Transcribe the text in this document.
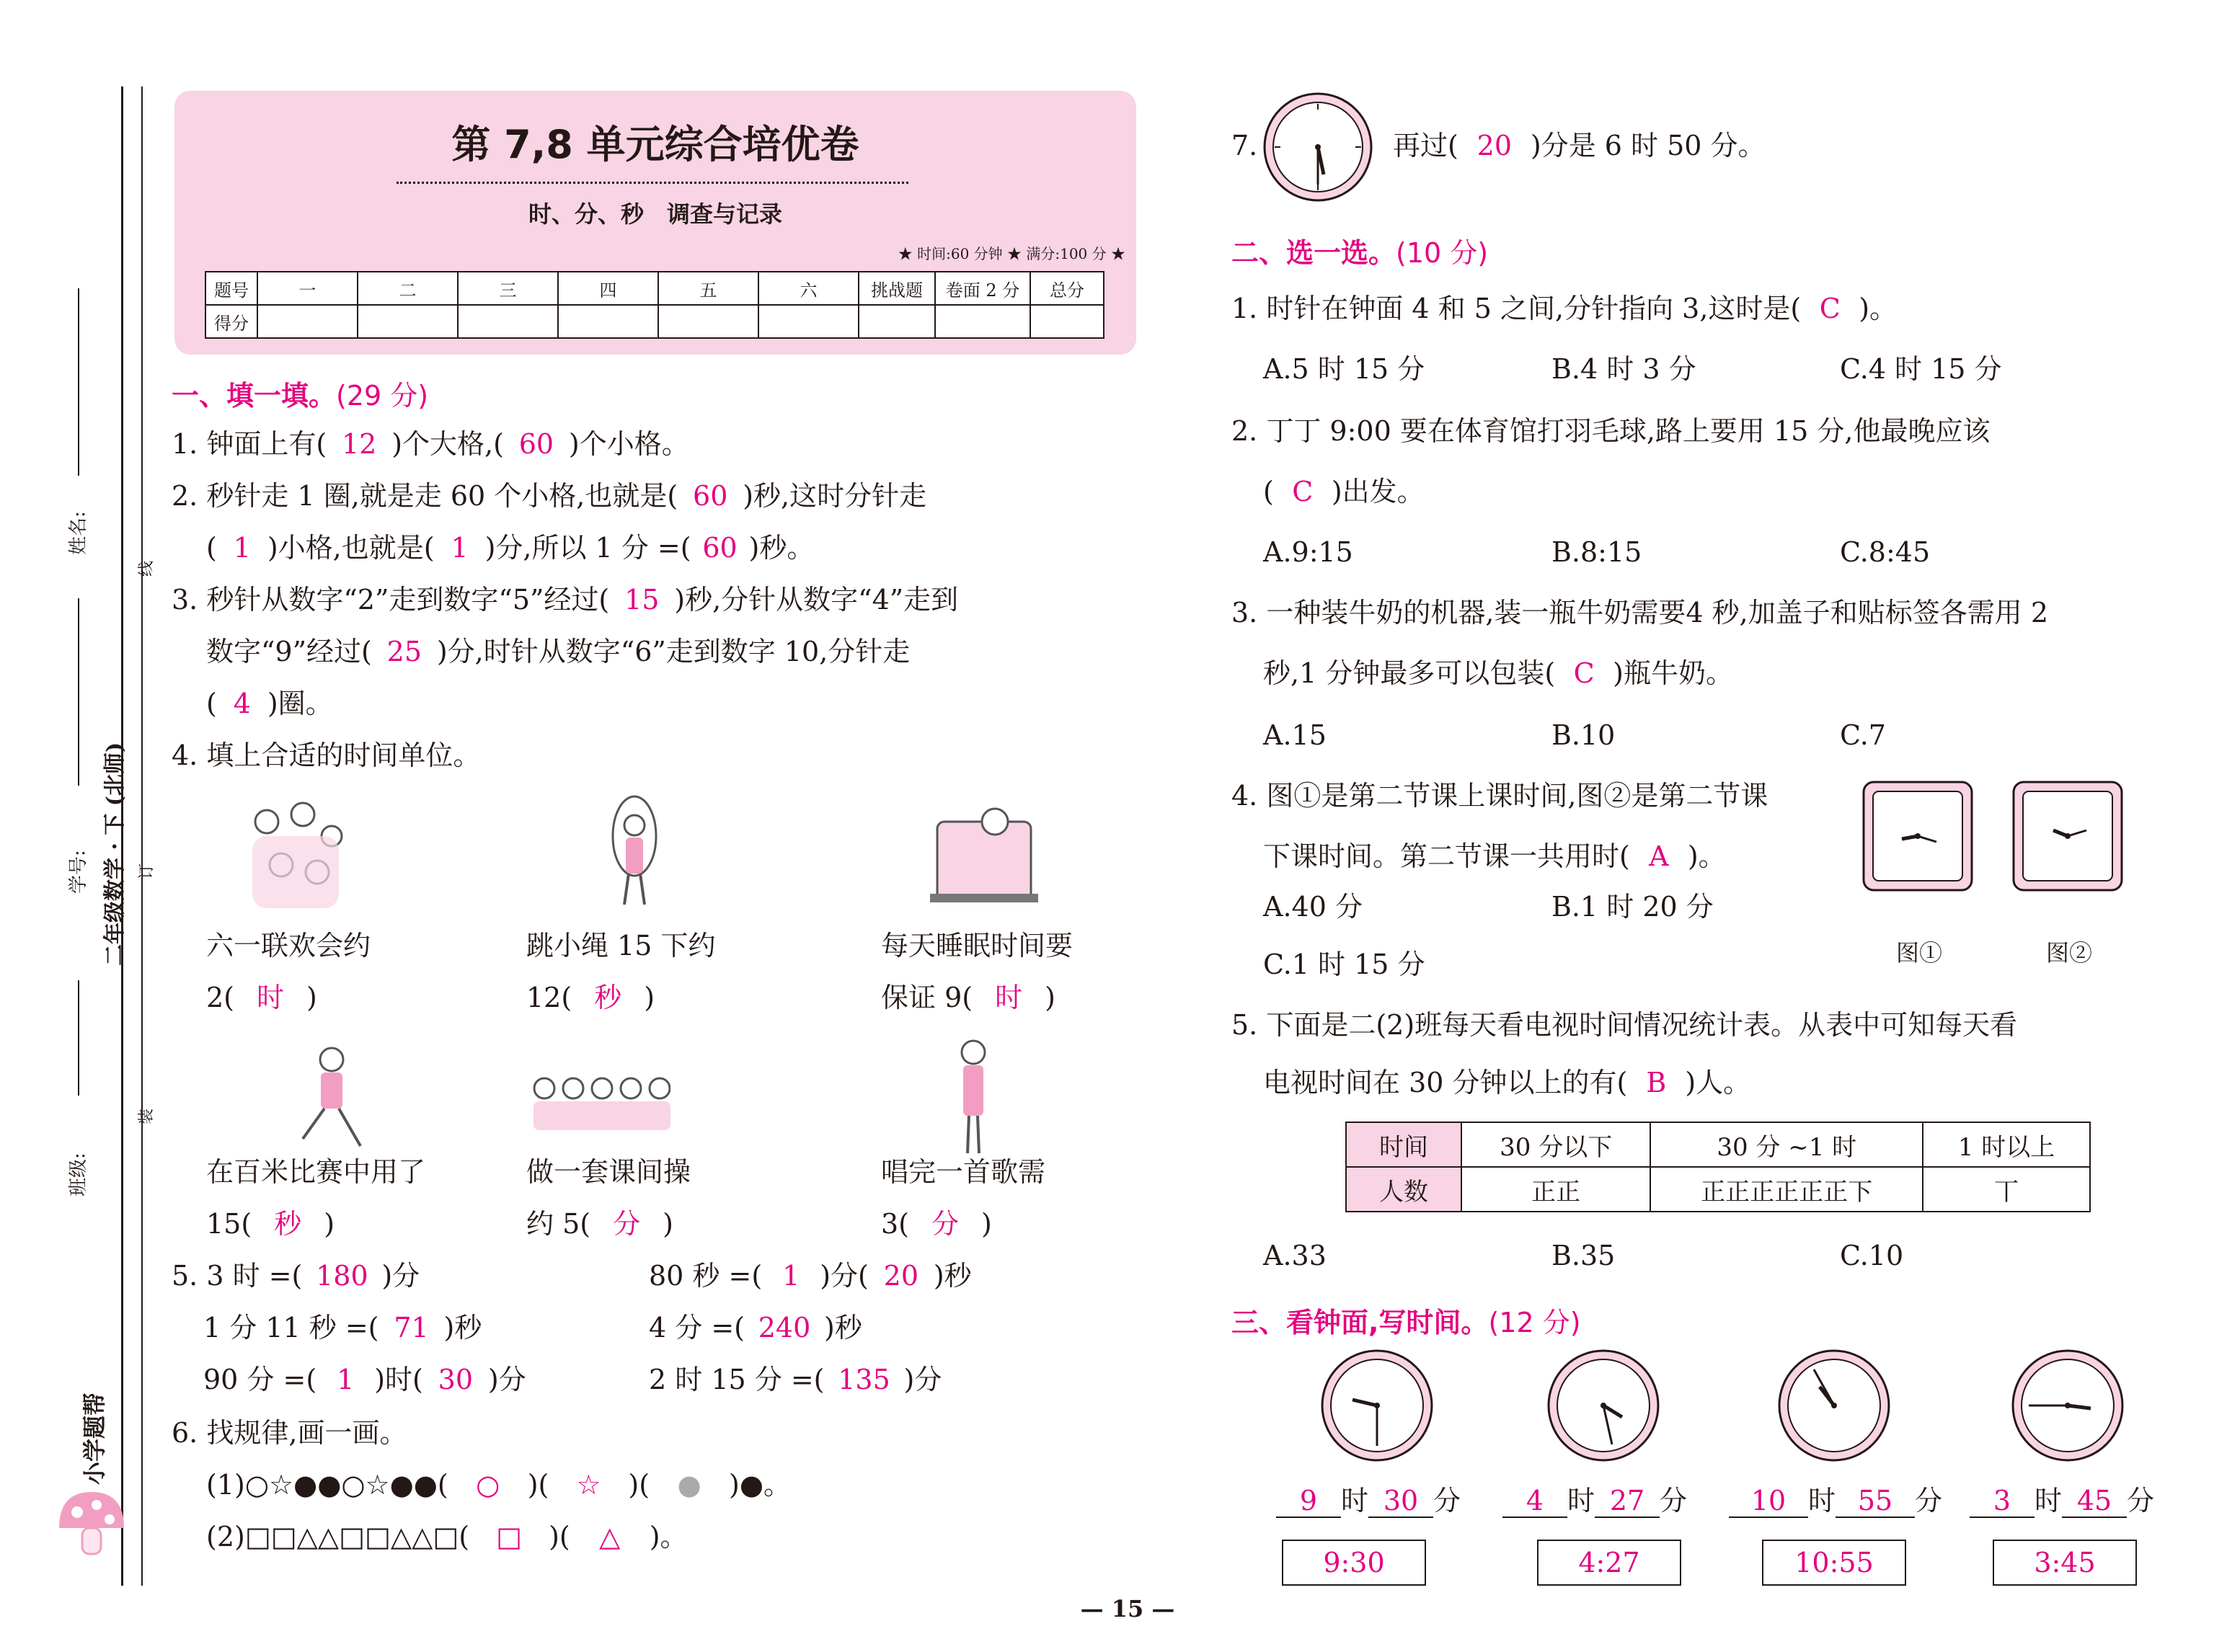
姓名:
学号:
班级:
二年级数学 · 下 (北师)
线
订
装
小学题帮
第 7,8 单元综合培优卷
时、分、秒　调查与记录
★ 时间:60 分钟 ★ 满分:100 分 ★
题号	一	二	三	四	五	六	挑战题	卷面 2 分	总分
得分									
一、填一填。(29 分)
1. 钟面上有( 12 )个大格,( 60 )个小格。
2. 秒针走 1 圈,就是走 60 个小格,也就是( 60 )秒,这时分针走
( 1 )小格,也就是( 1 )分,所以 1 分 =( 60 )秒。
3. 秒针从数字“2”走到数字“5”经过( 15 )秒,分针从数字“4”走到
数字“9”经过( 25 )分,时针从数字“6”走到数字 10,分针走
( 4 )圈。
4. 填上合适的时间单位。
六一联欢会约
2( 时 )
跳小绳 15 下约
12( 秒 )
每天睡眠时间要
保证 9( 时 )
在百米比赛中用了
15( 秒 )
做一套课间操
约 5( 分 )
唱完一首歌需
3( 分 )
5. 3 时 =( 180 )分	80 秒 =( 1 )分( 20 )秒
1 分 11 秒 =( 71 )秒	4 分 =( 240 )秒
90 分 =( 1 )时( 30 )分	2 时 15 分 =( 135 )分
6. 找规律,画一画。
(1)○☆●●○☆●●( ○ )( ☆ )( ● )●。
(2)□□△△□□△△□( □ )( △ )。
7.	再过( 20 )分是 6 时 50 分。
二、选一选。(10 分)
1. 时针在钟面 4 和 5 之间,分针指向 3,这时是( C )。
A.5 时 15 分	B.4 时 3 分	C.4 时 15 分
2. 丁丁 9:00 要在体育馆打羽毛球,路上要用 15 分,他最晚应该
( C )出发。
A.9:15	B.8:15	C.8:45
3. 一种装牛奶的机器,装一瓶牛奶需要4 秒,加盖子和贴标签各需用 2
秒,1 分钟最多可以包装( C )瓶牛奶。
A.15	B.10	C.7
4. 图①是第二节课上课时间,图②是第二节课
下课时间。第二节课一共用时( A )。
A.40 分	B.1 时 20 分
C.1 时 15 分	图①	图②
5. 下面是二(2)班每天看电视时间情况统计表。从表中可知每天看
电视时间在 30 分钟以上的有( B )人。
时间	30 分以下	30 分 ~1 时	1 时以上
人数	正正	正正正正正正下	丅
A.33	B.35	C.10
三、看钟面,写时间。(12 分)
9 时 30 分
9:30
4 时 27 分
4:27
10 时 55 分
10:55
3 时 45 分
3:45
— 15 —
